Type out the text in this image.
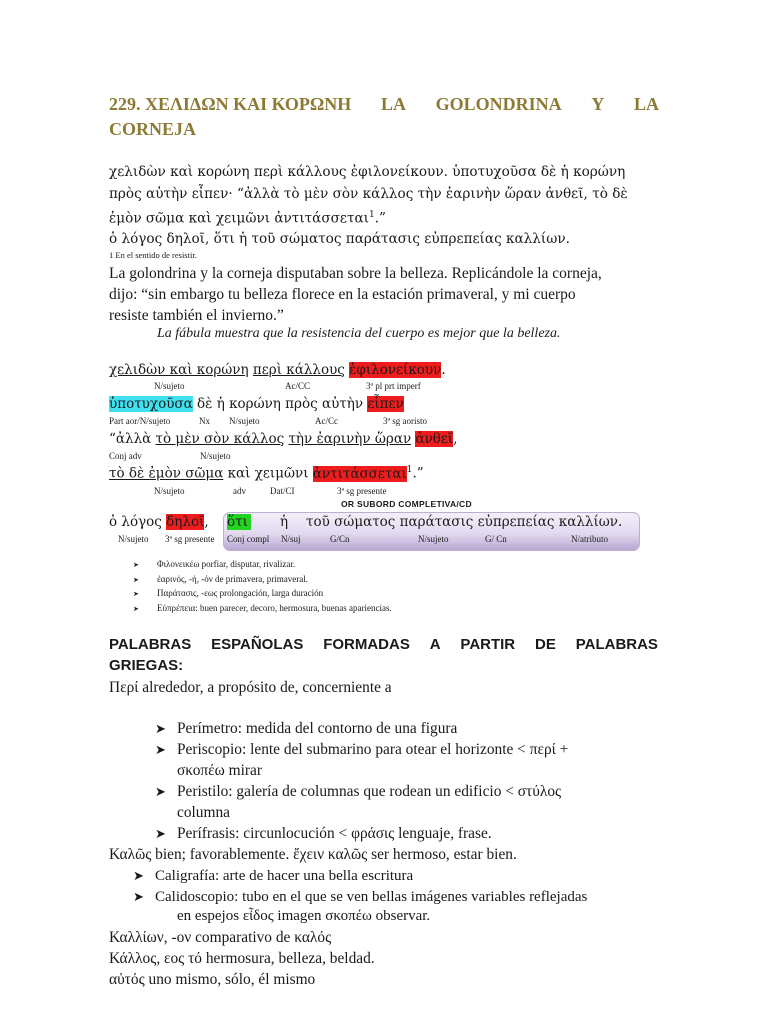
229. ΧΕΛΙΔΩΝ ΚΑΙ ΚΟΡΩΝΗ LA GOLONDRINA Y LA
CORNEJA
χελιδὼν καὶ κορώνη περὶ κάλλους ἐφιλονείκουν. ὑποτυχοῦσα δὲ ἡ κορώνη
πρὸς αὐτὴν εἶπεν· “ἀλλὰ τὸ μὲν σὸν κάλλος τὴν ἐαρινὴν ὥραν ἀνθεῖ, τὸ δὲ
ἐμὸν σῶμα καὶ χειμῶνι ἀντιτάσσεται$^1$.”
ὁ λόγος δηλοῖ, ὅτι ἡ τοῦ σώματος παράτασις εὐπρεπείας καλλίων.
1 En el sentido de resistir.
La golondrina y la corneja disputaban sobre la belleza. Replicándole la corneja,
dijo: “sin embargo tu belleza florece en la estación primaveral, y mi cuerpo
resiste también el invierno.”
La fábula muestra que la resistencia del cuerpo es mejor que la belleza.
χελιδὼν καὶ κορώνη περὶ κάλλους ἐφιλονείκουν.
N/sujeto	Ac/CC	3ª pl prt imperf
ὑποτυχοῦσα δὲ ἡ κορώνη πρὸς αὐτὴν εἶπεν
Part aor/N/sujeto	Nx N/sujeto	Ac/Cc	3ª sg aoristo
“ἀλλὰ τὸ μὲν σὸν κάλλος τὴν ἐαρινὴν ὥραν ἀνθεῖ,
Conj adv	N/sujeto
τὸ δὲ ἐμὸν σῶμα καὶ χειμῶνι ἀντιτάσσεται$^1$.”
N/sujeto	adv	Dat/CI	3ª sg presente
OR SUBORD COMPLETIVA/CD
ὁ λόγος δηλοῖ, ὅτι ἡ τοῦ σώματος παράτασις εὐπρεπείας καλλίων.
N/sujeto 3ª sg presente Conj compl N/suj	G/Cn	N/sujeto	G/ Cn	N/atributo
➤ Φιλονεικέω porfiar, disputar, rivalizar.
➤ ἐαρινός, -ή, -όν de primavera, primaveral.
➤ Παράτασις, -εως prolongación, larga duración
➤ Εὐπρέπεια: buen parecer, decoro, hermosura, buenas apariencias.
PALABRAS ESPAÑOLAS FORMADAS A PARTIR DE PALABRAS
GRIEGAS:
Περί alrededor, a propósito de, concerniente a
➤ Perímetro: medida del contorno de una figura
➤ Periscopio: lente del submarino para otear el horizonte < περί +
σκοπέω mirar
➤ Peristilo: galería de columnas que rodean un edificio < στύλος
columna
➤ Perífrasis: circunlocución < φράσις lenguaje, frase.
Καλῶς bien; favorablemente. ἔχειν καλῶς ser hermoso, estar bien.
➤ Caligrafía: arte de hacer una bella escritura
➤ Calidoscopio: tubo en el que se ven bellas imágenes variables reflejadas
en espejos εἶδος imagen σκοπέω observar.
Καλλίων, -ον comparativo de καλός
Κάλλος, εος τό hermosura, belleza, beldad.
αὐτός uno mismo, sólo, él mismo
